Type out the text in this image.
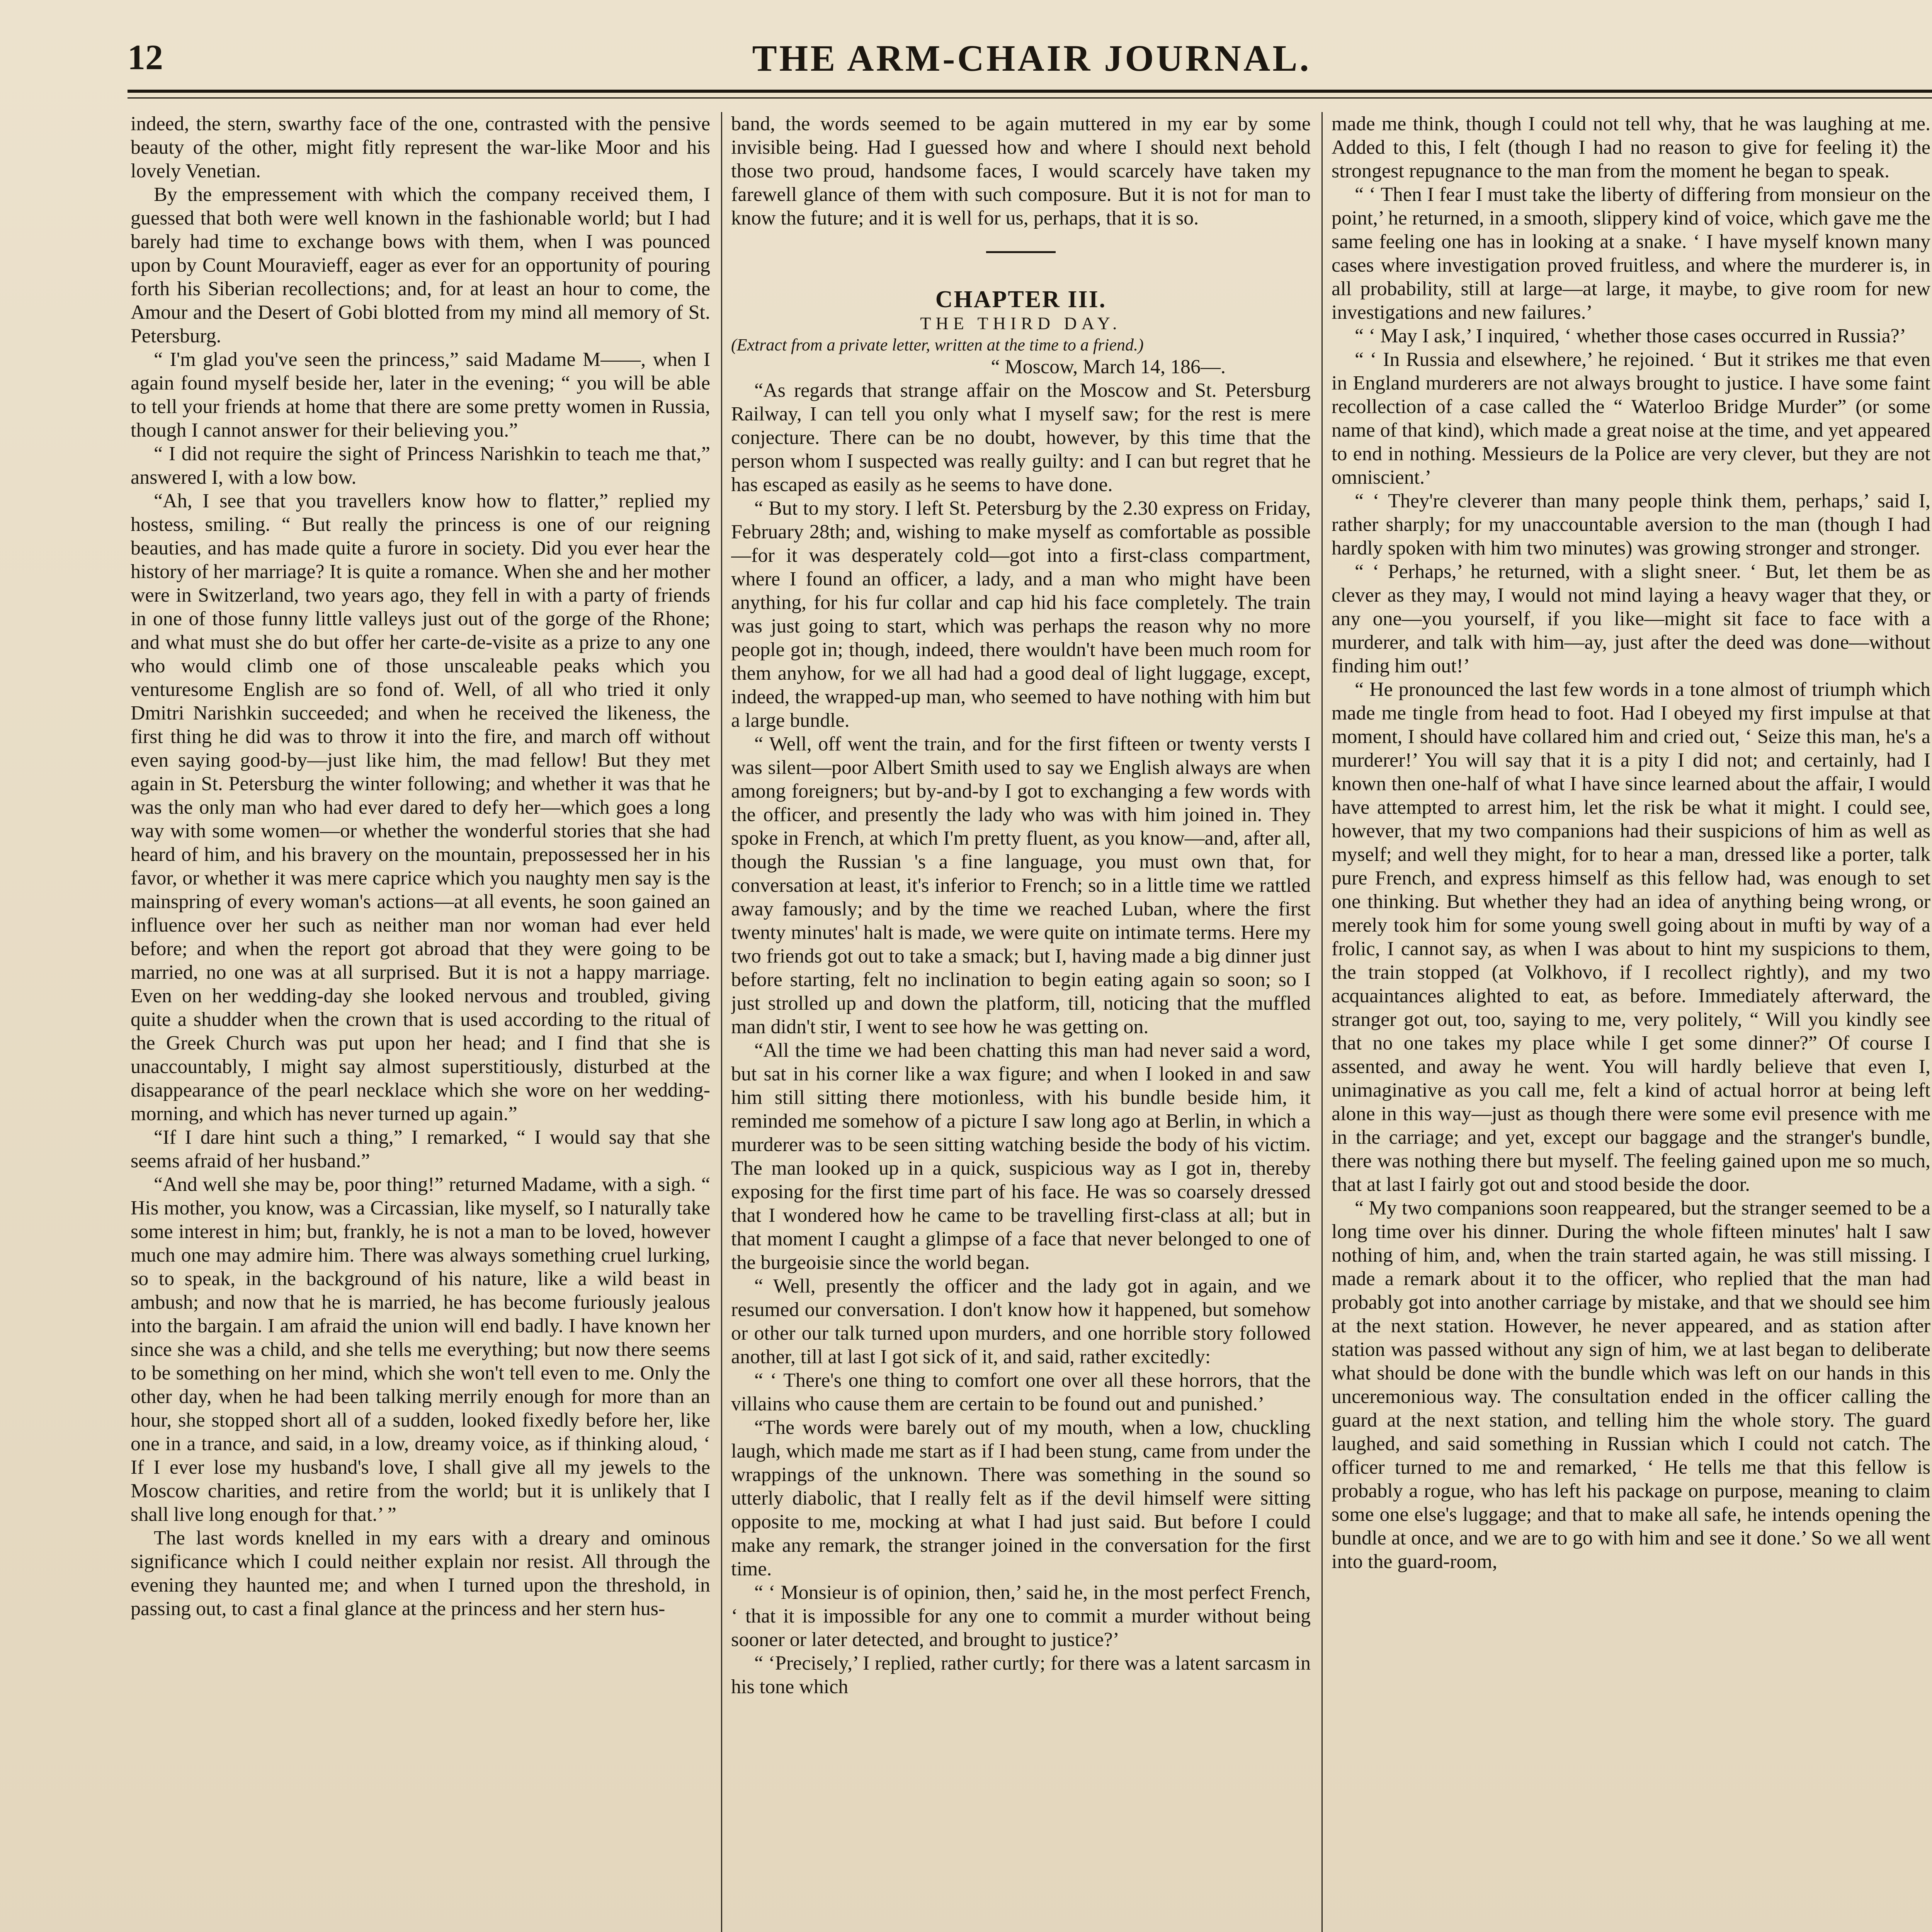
THE ARM-CHAIR JOURNAL.
12

indeed, the stern, swarthy face of the one, contrasted with the pensive beauty of the other, might fitly represent the war-like Moor and his lovely Venetian.

By the empressement with which the company received them, I guessed that both were well known in the fashionable world; but I had barely had time to exchange bows with them, when I was pounced upon by Count Mouravieff, eager as ever for an opportunity of pouring forth his Siberian recollections; and, for at least an hour to come, the Amour and the Desert of Gobi blotted from my mind all memory of St. Petersburg.

“ I'm glad you've seen the princess,” said Madame M——, when I again found myself beside her, later in the evening; “ you will be able to tell your friends at home that there are some pretty women in Russia, though I cannot answer for their believing you.”

“ I did not require the sight of Princess Narishkin to teach me that,” answered I, with a low bow.

“Ah, I see that you travellers know how to flatter,” replied my hostess, smiling. “ But really the princess is one of our reigning beauties, and has made quite a furore in society. Did you ever hear the history of her marriage? It is quite a romance. When she and her mother were in Switzerland, two years ago, they fell in with a party of friends in one of those funny little valleys just out of the gorge of the Rhone; and what must she do but offer her carte-de-visite as a prize to any one who would climb one of those unscaleable peaks which you venturesome English are so fond of. Well, of all who tried it only Dmitri Narishkin succeeded; and when he received the likeness, the first thing he did was to throw it into the fire, and march off without even saying good-by—just like him, the mad fellow! But they met again in St. Petersburg the winter following; and whether it was that he was the only man who had ever dared to defy her—which goes a long way with some women—or whether the wonderful stories that she had heard of him, and his bravery on the mountain, prepossessed her in his favor, or whether it was mere caprice which you naughty men say is the mainspring of every woman's actions—at all events, he soon gained an influence over her such as neither man nor woman had ever held before; and when the report got abroad that they were going to be married, no one was at all surprised. But it is not a happy marriage. Even on her wedding-day she looked nervous and troubled, giving quite a shudder when the crown that is used according to the ritual of the Greek Church was put upon her head; and I find that she is unaccountably, I might say almost superstitiously, disturbed at the disappearance of the pearl necklace which she wore on her wedding-morning, and which has never turned up again.”

“If I dare hint such a thing,” I remarked, “ I would say that she seems afraid of her husband.”

“And well she may be, poor thing!” returned Madame, with a sigh. “ His mother, you know, was a Circassian, like myself, so I naturally take some interest in him; but, frankly, he is not a man to be loved, however much one may admire him. There was always something cruel lurking, so to speak, in the background of his nature, like a wild beast in ambush; and now that he is married, he has become furiously jealous into the bargain. I am afraid the union will end badly. I have known her since she was a child, and she tells me everything; but now there seems to be something on her mind, which she won't tell even to me. Only the other day, when he had been talking merrily enough for more than an hour, she stopped short all of a sudden, looked fixedly before her, like one in a trance, and said, in a low, dreamy voice, as if thinking aloud, ‘ If I ever lose my husband's love, I shall give all my jewels to the Moscow charities, and retire from the world; but it is unlikely that I shall live long enough for that.’ ”

The last words knelled in my ears with a dreary and ominous significance which I could neither explain nor resist. All through the evening they haunted me; and when I turned upon the threshold, in passing out, to cast a final glance at the princess and her stern hus-

band, the words seemed to be again muttered in my ear by some invisible being. Had I guessed how and where I should next behold those two proud, handsome faces, I would scarcely have taken my farewell glance of them with such composure. But it is not for man to know the future; and it is well for us, perhaps, that it is so.

CHAPTER III.

THE THIRD DAY.

(Extract from a private letter, written at the time to a friend.)

“ Moscow, March 14, 186—.

“As regards that strange affair on the Moscow and St. Petersburg Railway, I can tell you only what I myself saw; for the rest is mere conjecture. There can be no doubt, however, by this time that the person whom I suspected was really guilty: and I can but regret that he has escaped as easily as he seems to have done.

“ But to my story. I left St. Petersburg by the 2.30 express on Friday, February 28th; and, wishing to make myself as comfortable as possible—for it was desperately cold—got into a first-class compartment, where I found an officer, a lady, and a man who might have been anything, for his fur collar and cap hid his face completely. The train was just going to start, which was perhaps the reason why no more people got in; though, indeed, there wouldn't have been much room for them anyhow, for we all had had a good deal of light luggage, except, indeed, the wrapped-up man, who seemed to have nothing with him but a large bundle.

“ Well, off went the train, and for the first fifteen or twenty versts I was silent—poor Albert Smith used to say we English always are when among foreigners; but by-and-by I got to exchanging a few words with the officer, and presently the lady who was with him joined in. They spoke in French, at which I'm pretty fluent, as you know—and, after all, though the Russian 's a fine language, you must own that, for conversation at least, it's inferior to French; so in a little time we rattled away famously; and by the time we reached Luban, where the first twenty minutes' halt is made, we were quite on intimate terms. Here my two friends got out to take a smack; but I, having made a big dinner just before starting, felt no inclination to begin eating again so soon; so I just strolled up and down the platform, till, noticing that the muffled man didn't stir, I went to see how he was getting on.

“All the time we had been chatting this man had never said a word, but sat in his corner like a wax figure; and when I looked in and saw him still sitting there motionless, with his bundle beside him, it reminded me somehow of a picture I saw long ago at Berlin, in which a murderer was to be seen sitting watching beside the body of his victim. The man looked up in a quick, suspicious way as I got in, thereby exposing for the first time part of his face. He was so coarsely dressed that I wondered how he came to be travelling first-class at all; but in that moment I caught a glimpse of a face that never belonged to one of the burgeoisie since the world began.

“ Well, presently the officer and the lady got in again, and we resumed our conversation. I don't know how it happened, but somehow or other our talk turned upon murders, and one horrible story followed another, till at last I got sick of it, and said, rather excitedly:

“ ‘ There's one thing to comfort one over all these horrors, that the villains who cause them are certain to be found out and punished.’

“The words were barely out of my mouth, when a low, chuckling laugh, which made me start as if I had been stung, came from under the wrappings of the unknown. There was something in the sound so utterly diabolic, that I really felt as if the devil himself were sitting opposite to me, mocking at what I had just said. But before I could make any remark, the stranger joined in the conversation for the first time.

“ ‘ Monsieur is of opinion, then,’ said he, in the most perfect French, ‘ that it is impossible for any one to commit a murder without being sooner or later detected, and brought to justice?’

“ ‘Precisely,’ I replied, rather curtly; for there was a latent sarcasm in his tone which

made me think, though I could not tell why, that he was laughing at me. Added to this, I felt (though I had no reason to give for feeling it) the strongest repugnance to the man from the moment he began to speak.

“ ‘ Then I fear I must take the liberty of differing from monsieur on the point,’ he returned, in a smooth, slippery kind of voice, which gave me the same feeling one has in looking at a snake. ‘ I have myself known many cases where investigation proved fruitless, and where the murderer is, in all probability, still at large—at large, it maybe, to give room for new investigations and new failures.’

“ ‘ May I ask,’ I inquired, ‘ whether those cases occurred in Russia?’

“ ‘ In Russia and elsewhere,’ he rejoined. ‘ But it strikes me that even in England murderers are not always brought to justice. I have some faint recollection of a case called the “ Waterloo Bridge Murder” (or some name of that kind), which made a great noise at the time, and yet appeared to end in nothing. Messieurs de la Police are very clever, but they are not omniscient.’

“ ‘ They're cleverer than many people think them, perhaps,’ said I, rather sharply; for my unaccountable aversion to the man (though I had hardly spoken with him two minutes) was growing stronger and stronger.

“ ‘ Perhaps,’ he returned, with a slight sneer. ‘ But, let them be as clever as they may, I would not mind laying a heavy wager that they, or any one—you yourself, if you like—might sit face to face with a murderer, and talk with him—ay, just after the deed was done—without finding him out!’

“ He pronounced the last few words in a tone almost of triumph which made me tingle from head to foot. Had I obeyed my first impulse at that moment, I should have collared him and cried out, ‘ Seize this man, he's a murderer!’ You will say that it is a pity I did not; and certainly, had I known then one-half of what I have since learned about the affair, I would have attempted to arrest him, let the risk be what it might. I could see, however, that my two companions had their suspicions of him as well as myself; and well they might, for to hear a man, dressed like a porter, talk pure French, and express himself as this fellow had, was enough to set one thinking. But whether they had an idea of anything being wrong, or merely took him for some young swell going about in mufti by way of a frolic, I cannot say, as when I was about to hint my suspicions to them, the train stopped (at Volkhovo, if I recollect rightly), and my two acquaintances alighted to eat, as before. Immediately afterward, the stranger got out, too, saying to me, very politely, “ Will you kindly see that no one takes my place while I get some dinner?” Of course I assented, and away he went. You will hardly believe that even I, unimaginative as you call me, felt a kind of actual horror at being left alone in this way—just as though there were some evil presence with me in the carriage; and yet, except our baggage and the stranger's bundle, there was nothing there but myself. The feeling gained upon me so much, that at last I fairly got out and stood beside the door.

“ My two companions soon reappeared, but the stranger seemed to be a long time over his dinner. During the whole fifteen minutes' halt I saw nothing of him, and, when the train started again, he was still missing. I made a remark about it to the officer, who replied that the man had probably got into another carriage by mistake, and that we should see him at the next station. However, he never appeared, and as station after station was passed without any sign of him, we at last began to deliberate what should be done with the bundle which was left on our hands in this unceremonious way. The consultation ended in the officer calling the guard at the next station, and telling him the whole story. The guard laughed, and said something in Russian which I could not catch. The officer turned to me and remarked, ‘ He tells me that this fellow is probably a rogue, who has left his package on purpose, meaning to claim some one else's luggage; and that to make all safe, he intends opening the bundle at once, and we are to go with him and see it done.’ So we all went into the guard-room,
